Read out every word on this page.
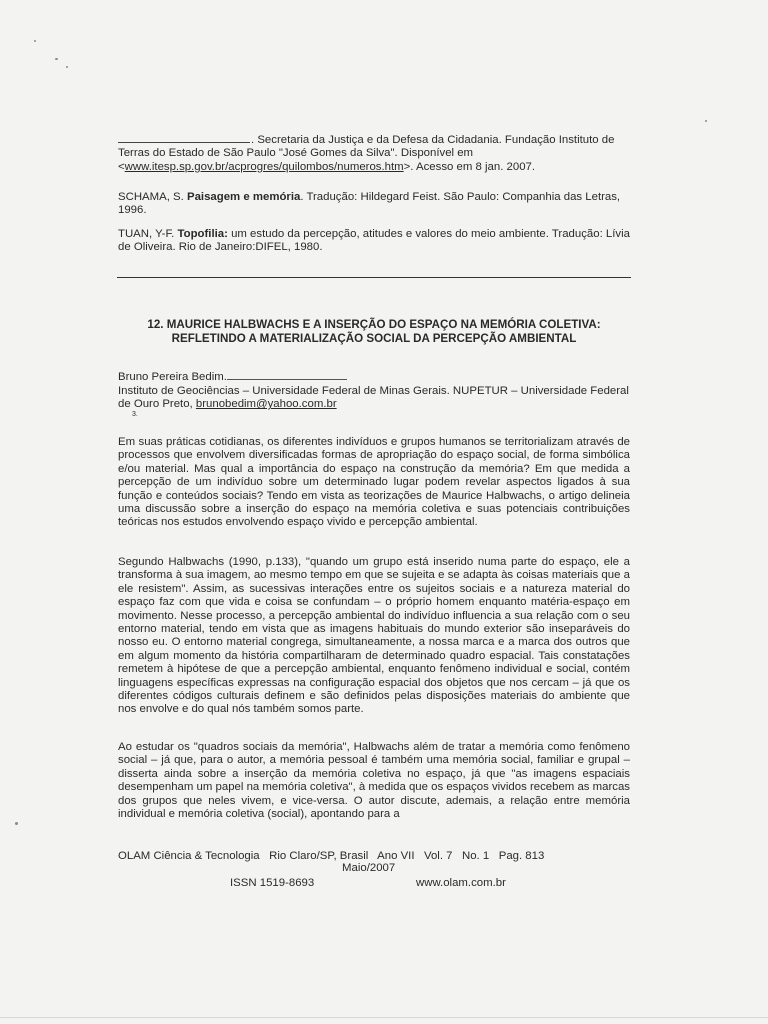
. Secretaria da Justiça e da Defesa da Cidadania. Fundação Instituto de Terras do Estado de São Paulo "José Gomes da Silva". Disponível em <www.itesp.sp.gov.br/acprogres/quilombos/numeros.htm>. Acesso em 8 jan. 2007.
SCHAMA, S. Paisagem e memória. Tradução: Hildegard Feist. São Paulo: Companhia das Letras, 1996.
TUAN, Y-F. Topofilia: um estudo da percepção, atitudes e valores do meio ambiente. Tradução: Lívia de Oliveira. Rio de Janeiro:DIFEL, 1980.
12. MAURICE HALBWACHS E A INSERÇÃO DO ESPAÇO NA MEMÓRIA COLETIVA:
REFLETINDO A MATERIALIZAÇÃO SOCIAL DA PERCEPÇÃO AMBIENTAL
Bruno Pereira Bedim.
Instituto de Geociências – Universidade Federal de Minas Gerais. NUPETUR – Universidade Federal de Ouro Preto, brunobedim@yahoo.com.br
3.
Em suas práticas cotidianas, os diferentes indivíduos e grupos humanos se territorializam através de processos que envolvem diversificadas formas de apropriação do espaço social, de forma simbólica e/ou material. Mas qual a importância do espaço na construção da memória? Em que medida a percepção de um indivíduo sobre um determinado lugar podem revelar aspectos ligados à sua função e conteúdos sociais? Tendo em vista as teorizações de Maurice Halbwachs, o artigo delineia uma discussão sobre a inserção do espaço na memória coletiva e suas potenciais contribuições teóricas nos estudos envolvendo espaço vivido e percepção ambiental.
Segundo Halbwachs (1990, p.133), "quando um grupo está inserido numa parte do espaço, ele a transforma à sua imagem, ao mesmo tempo em que se sujeita e se adapta às coisas materiais que a ele resistem". Assim, as sucessivas interações entre os sujeitos sociais e a natureza material do espaço faz com que vida e coisa se confundam – o próprio homem enquanto matéria-espaço em movimento. Nesse processo, a percepção ambiental do indivíduo influencia a sua relação com o seu entorno material, tendo em vista que as imagens habituais do mundo exterior são inseparáveis do nosso eu. O entorno material congrega, simultaneamente, a nossa marca e a marca dos outros que em algum momento da história compartilharam de determinado quadro espacial. Tais constatações remetem à hipótese de que a percepção ambiental, enquanto fenômeno individual e social, contém linguagens específicas expressas na configuração espacial dos objetos que nos cercam – já que os diferentes códigos culturais definem e são definidos pelas disposições materiais do ambiente que nos envolve e do qual nós também somos parte.
Ao estudar os "quadros sociais da memória", Halbwachs além de tratar a memória como fenômeno social – já que, para o autor, a memória pessoal é também uma memória social, familiar e grupal – disserta ainda sobre a inserção da memória coletiva no espaço, já que "as imagens espaciais desempenham um papel na memória coletiva", à medida que os espaços vividos recebem as marcas dos grupos que neles vivem, e vice-versa. O autor discute, ademais, a relação entre memória individual e memória coletiva (social), apontando para a
OLAM Ciência & Tecnologia   Rio Claro/SP, Brasil   Ano VII   Vol. 7   No. 1   Pag. 813
Maio/2007
ISSN 1519-8693	www.olam.com.br
